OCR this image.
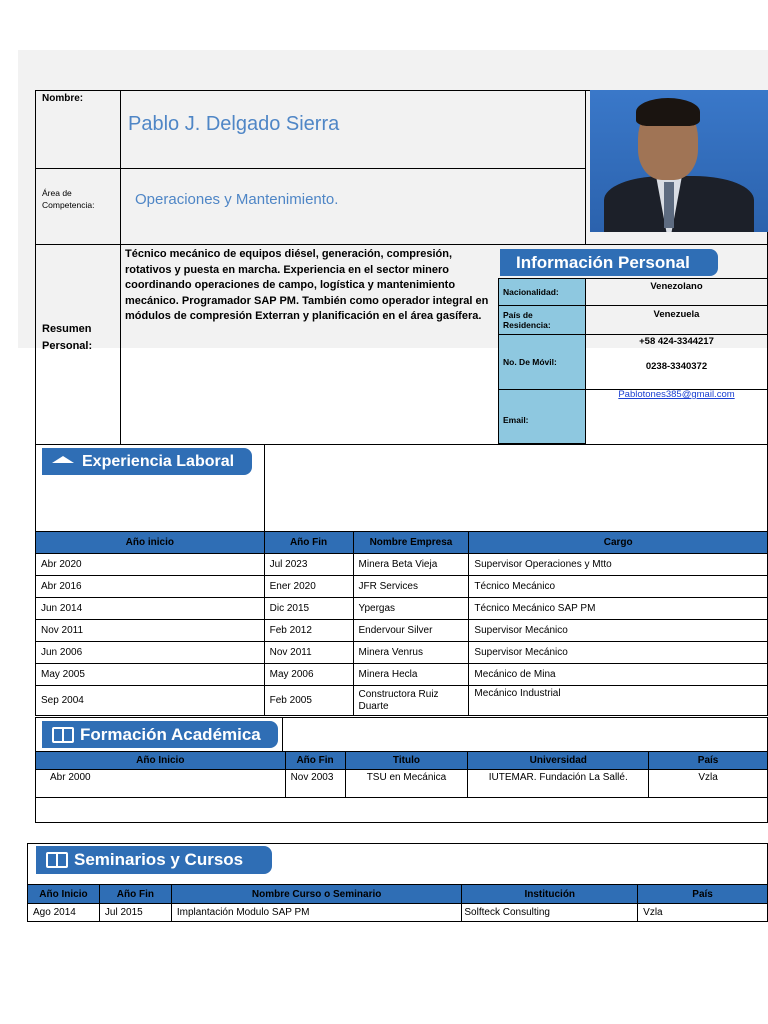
Nombre:
Pablo J. Delgado Sierra
Área de
Competencia:	Operaciones y Mantenimiento.
Resumen
Personal:
Técnico mecánico de equipos diésel, generación, compresión, rotativos y puesta en marcha. Experiencia en el sector minero coordinando operaciones de campo, logística y mantenimiento mecánico. Programador SAP PM. También como operador integral en módulos de compresión Exterran y planificación en el área gasífera.
Información Personal
Nacionalidad:	Venezolano
País de
Residencia:
Venezuela
No. De Móvil:
+58 424-3344217
0238-3340372
Email:
Pablotones385@gmail.com
Experiencia Laboral
Año inicio	Año Fin	Nombre Empresa	Cargo
Abr 2020	Jul 2023	Minera Beta Vieja	Supervisor Operaciones y Mtto
Abr 2016	Ener 2020	JFR Services	Técnico Mecánico
Jun 2014	Dic 2015	Ypergas	Técnico Mecánico SAP PM
Nov 2011	Feb 2012	Endervour Silver	Supervisor Mecánico
Jun 2006	Nov 2011	Minera Venrus	Supervisor Mecánico
May 2005	May 2006	Minera Hecla	Mecánico de Mina
Sep 2004	Feb 2005	Constructora Ruiz Duarte	Mecánico Industrial
Formación Académica
Año Inicio	Año Fin	Titulo	Universidad	País
Abr 2000	Nov 2003	TSU en Mecánica	IUTEMAR. Fundación La Sallé.	Vzla
Seminarios y Cursos
Año Inicio	Año Fin	Nombre Curso o Seminario	Institución	País
Ago 2014	Jul 2015	Implantación Modulo SAP PM	Solfteck Consulting	Vzla
